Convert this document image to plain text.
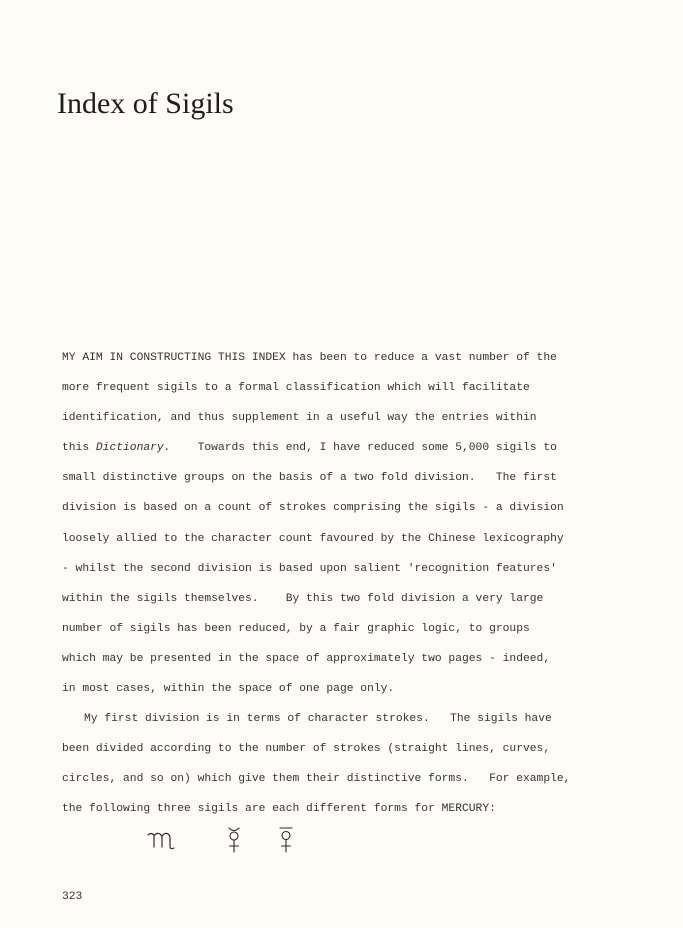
Index of Sigils
MY AIM IN CONSTRUCTING THIS INDEX has been to reduce a vast number of the
more frequent sigils to a formal classification which will facilitate
identification, and thus supplement in a useful way the entries within
this Dictionary.    Towards this end, I have reduced some 5,000 sigils to
small distinctive groups on the basis of a two fold division.   The first
division is based on a count of strokes comprising the sigils - a division
loosely allied to the character count favoured by the Chinese lexicography
- whilst the second division is based upon salient 'recognition features'
within the sigils themselves.    By this two fold division a very large
number of sigils has been reduced, by a fair graphic logic, to groups
which may be presented in the space of approximately two pages - indeed,
in most cases, within the space of one page only.
My first division is in terms of character strokes.   The sigils have
been divided according to the number of strokes (straight lines, curves,
circles, and so on) which give them their distinctive forms.   For example,
the following three sigils are each different forms for MERCURY:
323
